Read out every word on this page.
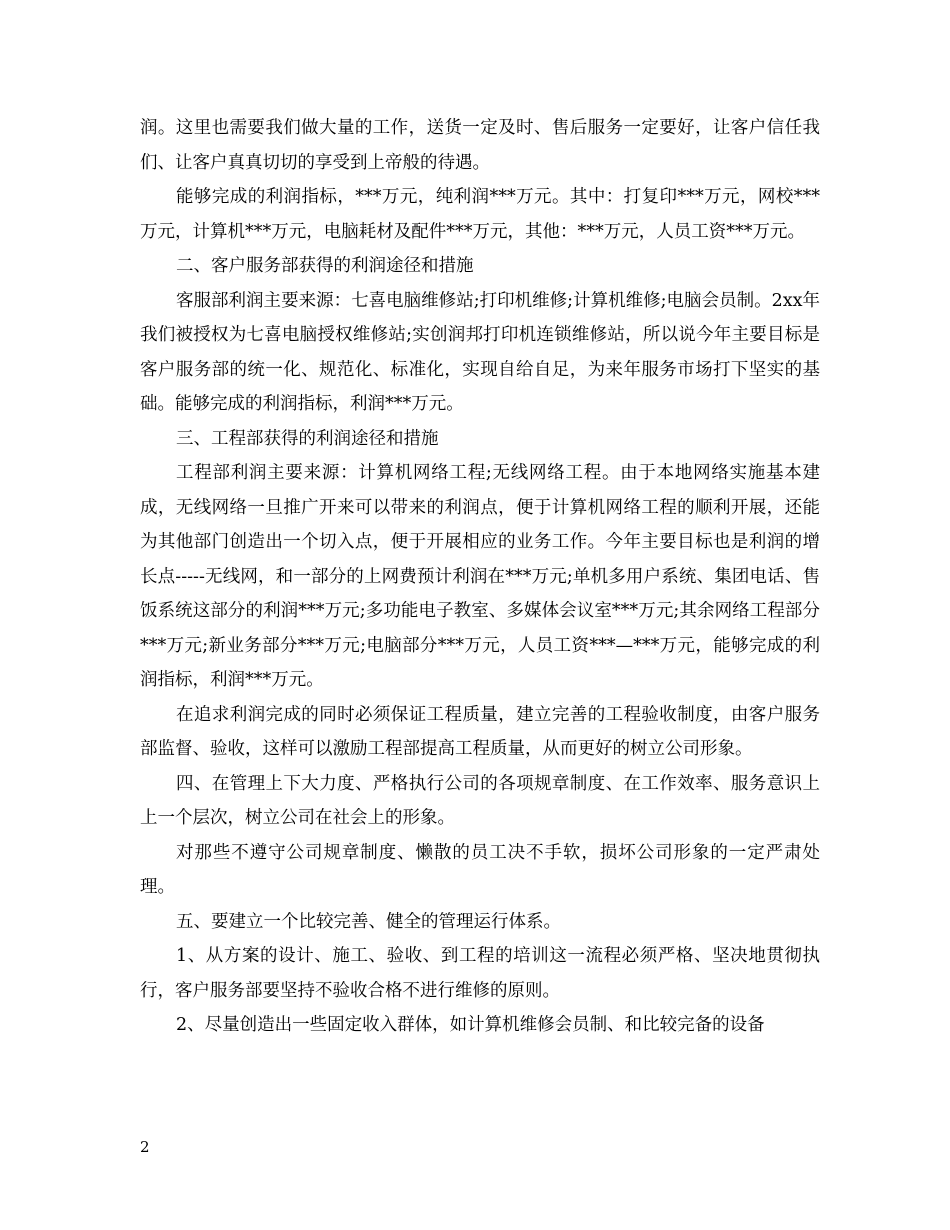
润。这里也需要我们做大量的工作，送货一定及时、售后服务一定要好，让客户信任我们、让客户真真切切的享受到上帝般的待遇。

能够完成的利润指标，***万元，纯利润***万元。其中：打复印***万元，网校***万元，计算机***万元，电脑耗材及配件***万元，其他：***万元，人员工资***万元。

二、客户服务部获得的利润途径和措施

客服部利润主要来源：七喜电脑维修站;打印机维修;计算机维修;电脑会员制。2xx年我们被授权为七喜电脑授权维修站;实创润邦打印机连锁维修站，所以说今年主要目标是客户服务部的统一化、规范化、标准化，实现自给自足，为来年服务市场打下坚实的基础。能够完成的利润指标，利润***万元。

三、工程部获得的利润途径和措施

工程部利润主要来源：计算机网络工程;无线网络工程。由于本地网络实施基本建成，无线网络一旦推广开来可以带来的利润点，便于计算机网络工程的顺利开展，还能为其他部门创造出一个切入点，便于开展相应的业务工作。今年主要目标也是利润的增长点-----无线网，和一部分的上网费预计利润在***万元;单机多用户系统、集团电话、售饭系统这部分的利润***万元;多功能电子教室、多媒体会议室***万元;其余网络工程部分***万元;新业务部分***万元;电脑部分***万元，人员工资***—***万元，能够完成的利润指标，利润***万元。

在追求利润完成的同时必须保证工程质量，建立完善的工程验收制度，由客户服务部监督、验收，这样可以激励工程部提高工程质量，从而更好的树立公司形象。

四、在管理上下大力度、严格执行公司的各项规章制度、在工作效率、服务意识上上一个层次，树立公司在社会上的形象。

对那些不遵守公司规章制度、懒散的员工决不手软，损坏公司形象的一定严肃处理。

五、要建立一个比较完善、健全的管理运行体系。

1、从方案的设计、施工、验收、到工程的培训这一流程必须严格、坚决地贯彻执行，客户服务部要坚持不验收合格不进行维修的原则。

2、尽量创造出一些固定收入群体，如计算机维修会员制、和比较完备的设备

2
